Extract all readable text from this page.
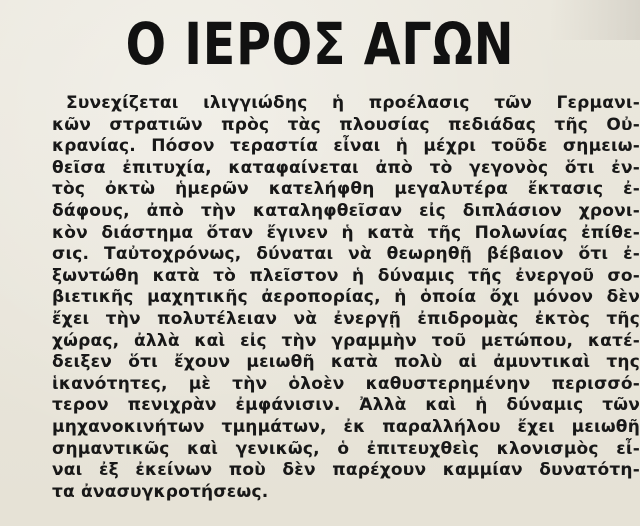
Ο ΙΕΡΟΣ ΑΓΩΝ
Συνεχίζεται ιλιγγιώδης ἡ προέλασις τῶν Γερμανι-
κῶν στρατιῶν πρὸς τὰς πλουσίας πεδιάδας τῆς Οὐ-
κρανίας. Πόσον τεραστία εἶναι ἡ μέχρι τοῦδε σημειω-
θεῖσα ἐπιτυχία, καταφαίνεται ἀπὸ τὸ γεγονὸς ὅτι ἐν-
τὸς ὀκτὼ ἡμερῶν κατελήφθη μεγαλυτέρα ἔκτασις ἐ-
δάφους, ἀπὸ τὴν καταληφθεῖσαν εἰς διπλάσιον χρονι-
κὸν διάστημα ὅταν ἔγινεν ἡ κατὰ τῆς Πολωνίας ἐπίθε-
σις. Ταὐτοχρόνως, δύναται νὰ θεωρηθῇ βέβαιον ὅτι ἐ-
ξωντώθη κατὰ τὸ πλεῖστον ἡ δύναμις τῆς ἐνεργοῦ σο-
βιετικῆς μαχητικῆς ἀεροπορίας, ἡ ὁποία ὄχι μόνον δὲν
ἔχει τὴν πολυτέλειαν νὰ ἐνεργῇ ἐπιδρομὰς ἐκτὸς τῆς
χώρας, ἀλλὰ καὶ εἰς τὴν γραμμὴν τοῦ μετώπου, κατέ-
δειξεν ὅτι ἔχουν μειωθῆ κατὰ πολὺ αἱ ἀμυντικαὶ της
ἱκανότητες, μὲ τὴν ὁλοὲν καθυστερημένην περισσό-
τερον πενιχρὰν ἐμφάνισιν. Ἀλλὰ καὶ ἡ δύναμις τῶν
μηχανοκινήτων τμημάτων, ἐκ παραλλήλου ἔχει μειωθῆ
σημαντικῶς καὶ γενικῶς, ὁ ἐπιτευχθεὶς κλονισμὸς εἶ-
ναι ἐξ ἐκείνων ποὺ δὲν παρέχουν καμμίαν δυνατότη-
τα ἀνασυγκροτήσεως.
